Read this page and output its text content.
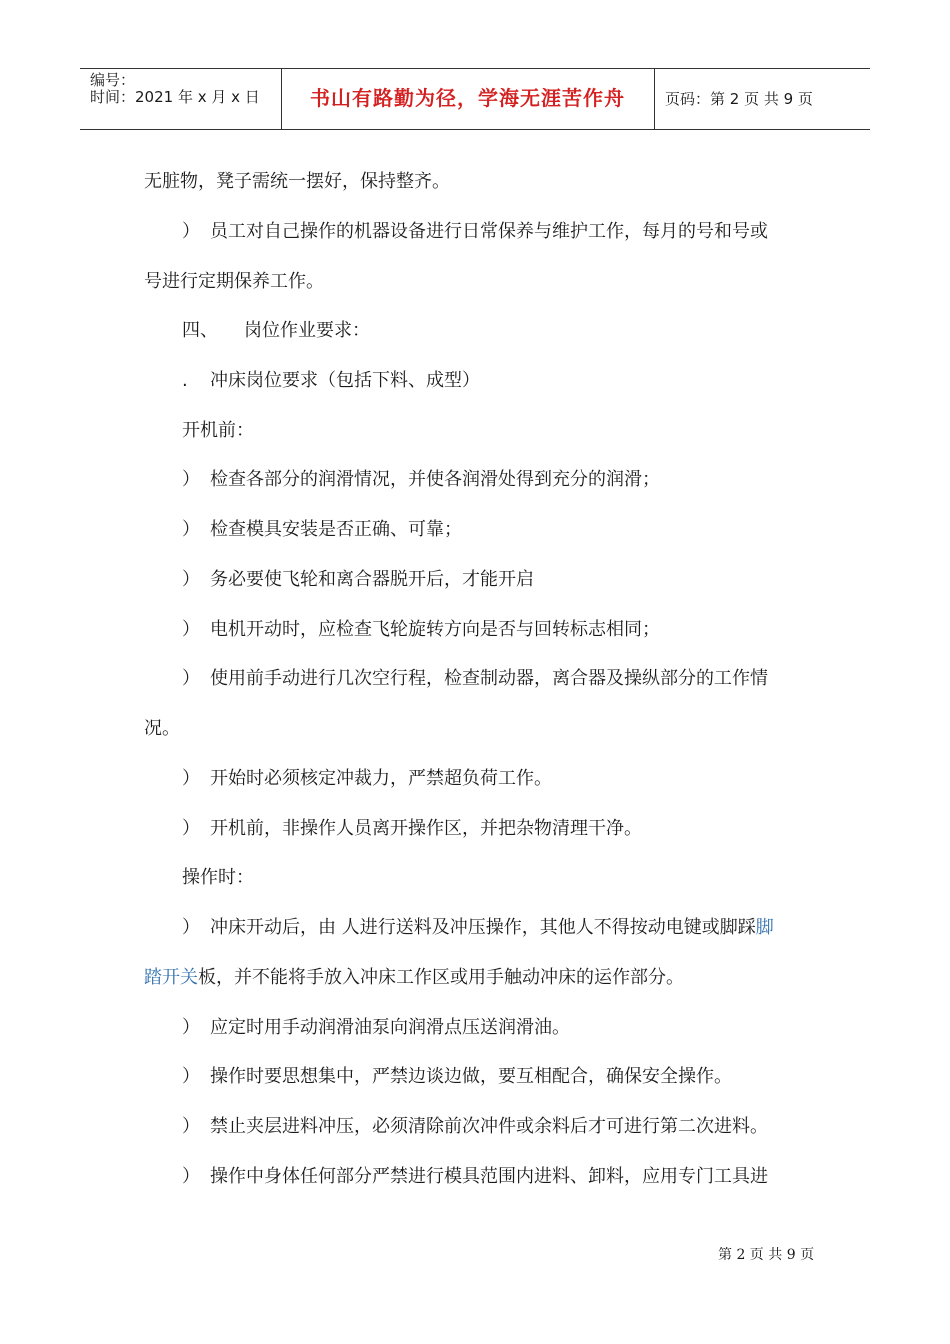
编号：
时间：2021 年 x 月 x 日	书山有路勤为径，学海无涯苦作舟	页码：第 2 页 共 9 页

无脏物，凳子需统一摆好，保持整齐。

） 员工对自己操作的机器设备进行日常保养与维护工作，每月的号和号或

号进行定期保养工作。

四、 岗位作业要求：

. 冲床岗位要求（包括下料、成型）

开机前：

） 检查各部分的润滑情况，并使各润滑处得到充分的润滑；

） 检查模具安装是否正确、可靠；

） 务必要使飞轮和离合器脱开后，才能开启

） 电机开动时，应检查飞轮旋转方向是否与回转标志相同；

） 使用前手动进行几次空行程，检查制动器，离合器及操纵部分的工作情

况。

） 开始时必须核定冲裁力，严禁超负荷工作。

） 开机前，非操作人员离开操作区，并把杂物清理干净。

操作时：

） 冲床开动后，由 人进行送料及冲压操作，其他人不得按动电键或脚踩脚

踏开关板，并不能将手放入冲床工作区或用手触动冲床的运作部分。

） 应定时用手动润滑油泵向润滑点压送润滑油。

） 操作时要思想集中，严禁边谈边做，要互相配合，确保安全操作。

） 禁止夹层进料冲压，必须清除前次冲件或余料后才可进行第二次进料。

） 操作中身体任何部分严禁进行模具范围内进料、卸料，应用专门工具进

第 2 页 共 9 页
